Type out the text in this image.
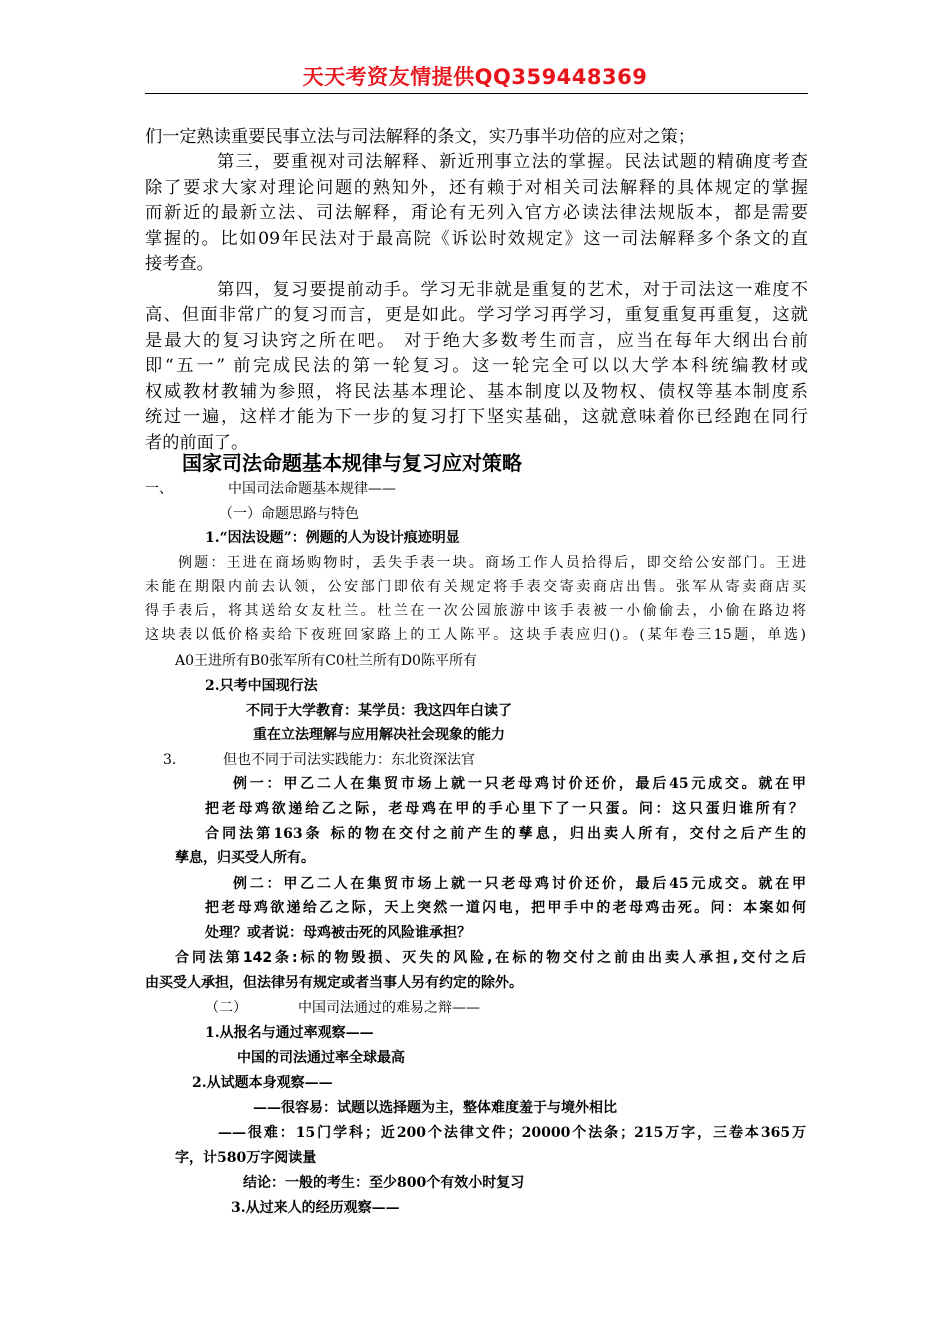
天天考资友情提供QQ359448369
们一定熟读重要民事立法与司法解释的条文，实乃事半功倍的应对之策；
第三，要重视对司法解释、新近刑事立法的掌握。民法试题的精确度考查
除了要求大家对理论问题的熟知外，还有赖于对相关司法解释的具体规定的掌握
而新近的最新立法、司法解释，甭论有无列入官方必读法律法规版本，都是需要
掌握的。比如09年民法对于最高院《诉讼时效规定》这一司法解释多个条文的直
接考查。
第四，复习要提前动手。学习无非就是重复的艺术，对于司法这一难度不
高、但面非常广的复习而言，更是如此。学习学习再学习，重复重复再重复，这就
是最大的复习诀窍之所在吧。 对于绝大多数考生而言，应当在每年大纲出台前
即“五一” 前完成民法的第一轮复习。这一轮完全可以以大学本科统编教材或
权威教材教辅为参照，将民法基本理论、基本制度以及物权、债权等基本制度系
统过一遍，这样才能为下一步的复习打下坚实基础，这就意味着你已经跑在同行
者的前面了。
国家司法命题基本规律与复习应对策略
一、	中国司法命题基本规律——
（一）命题思路与特色
1.“因法设题”：例题的人为设计痕迹明显
例题：王进在商场购物时，丢失手表一块。商场工作人员拾得后，即交给公安部门。王进
未能在期限内前去认领，公安部门即依有关规定将手表交寄卖商店出售。张军从寄卖商店买
得手表后，将其送给女友杜兰。杜兰在一次公园旅游中该手表被一小偷偷去，小偷在路边将
这块表以低价格卖给下夜班回家路上的工人陈平。这块手表应归()。(某年卷三15题，单选)
A0王进所有B0张军所有C0杜兰所有D0陈平所有
2.只考中国现行法
不同于大学教育：某学员：我这四年白读了
重在立法理解与应用解决社会现象的能力
3.	但也不同于司法实践能力：东北资深法官
例一：甲乙二人在集贸市场上就一只老母鸡讨价还价，最后45元成交。就在甲
把老母鸡欲递给乙之际，老母鸡在甲的手心里下了一只蛋。问：这只蛋归谁所有？
合同法第163条 标的物在交付之前产生的孳息，归出卖人所有，交付之后产生的
孳息，归买受人所有。
例二：甲乙二人在集贸市场上就一只老母鸡讨价还价，最后45元成交。就在甲
把老母鸡欲递给乙之际，天上突然一道闪电，把甲手中的老母鸡击死。问：本案如何
处理？或者说：母鸡被击死的风险谁承担？
合同法第142条:标的物毁损、灭失的风险,在标的物交付之前由出卖人承担,交付之后
由买受人承担，但法律另有规定或者当事人另有约定的除外。
（二）	中国司法通过的难易之辩——
1.从报名与通过率观察——
中国的司法通过率全球最高
2.从试题本身观察——
——很容易：试题以选择题为主，整体难度羞于与境外相比
——很难：15门学科；近200个法律文件；20000个法条；215万字，三卷本365万
字，计580万字阅读量
结论：一般的考生：至少800个有效小时复习
3.从过来人的经历观察——
